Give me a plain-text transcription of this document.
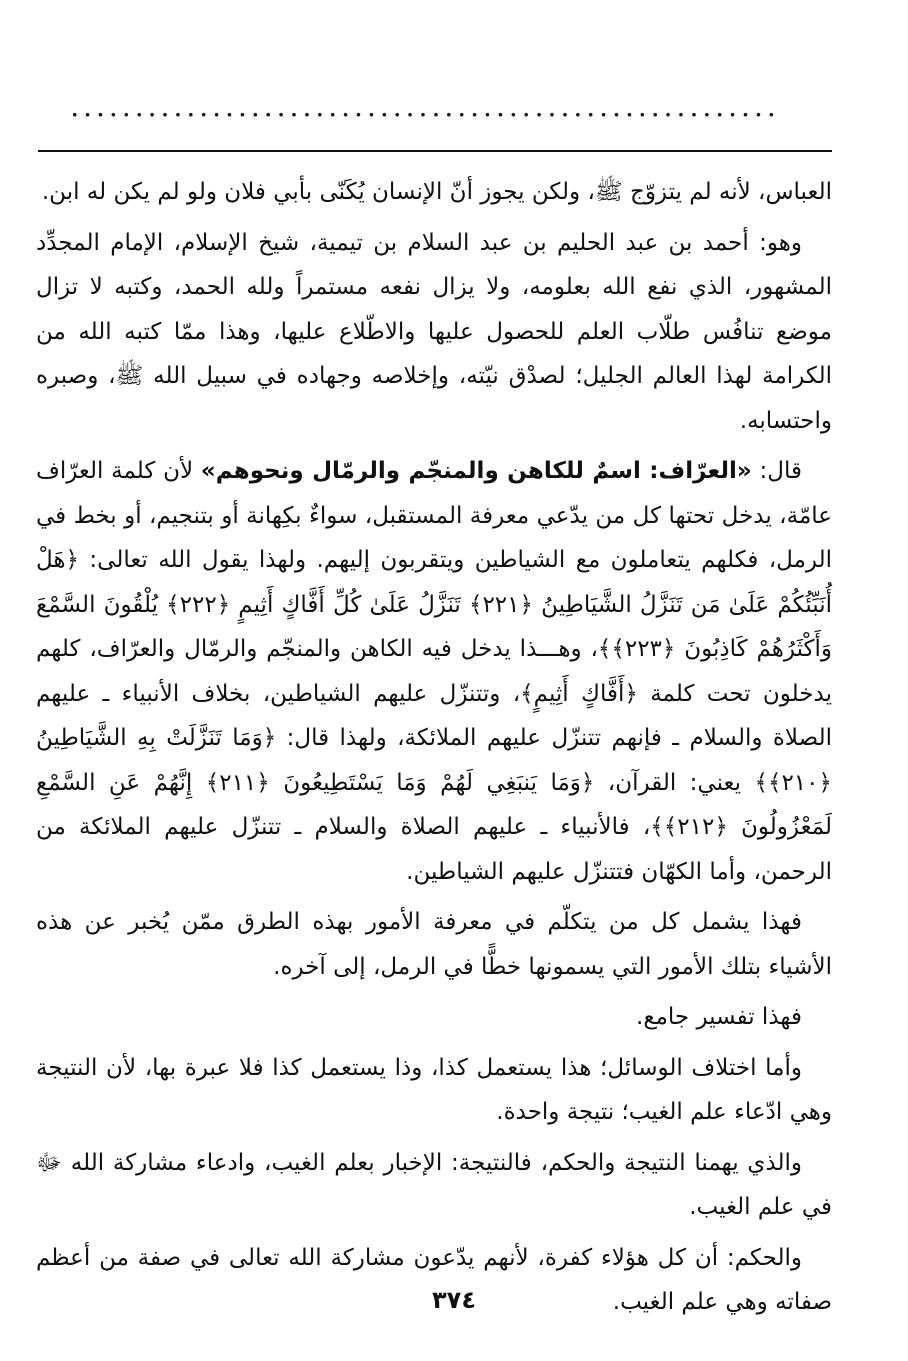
.......................................................

العباس، لأنه لم يتزوّج ﷺ، ولكن يجوز أنّ الإنسان يُكَنّى بأبي فلان ولو لم يكن له ابن.

وهو: أحمد بن عبد الحليم بن عبد السلام بن تيمية، شيخ الإسلام، الإمام المجدِّد المشهور، الذي نفع الله بعلومه، ولا يزال نفعه مستمراً ولله الحمد، وكتبه لا تزال موضع تنافُس طلّاب العلم للحصول عليها والاطّلاع عليها، وهذا ممّا كتبه الله من الكرامة لهذا العالم الجليل؛ لصدْق نيّته، وإخلاصه وجهاده في سبيل الله ﷺ، وصبره واحتسابه.

قال: «العرّاف: اسمٌ للكاهن والمنجّم والرمّال ونحوهم» لأن كلمة العرّاف عامّة، يدخل تحتها كل من يدّعي معرفة المستقبل، سواءٌ بكِهانة أو بتنجيم، أو بخط في الرمل، فكلهم يتعاملون مع الشياطين ويتقربون إليهم. ولهذا يقول الله تعالى: ﴿هَلْ أُنَبِّئُكُمْ عَلَىٰ مَن تَنَزَّلُ الشَّيَاطِينُ ﴿٢٢١﴾ تَنَزَّلُ عَلَىٰ كُلِّ أَفَّاكٍ أَثِيمٍ ﴿٢٢٢﴾ يُلْقُونَ السَّمْعَ وَأَكْثَرُهُمْ كَاذِبُونَ ﴿٢٢٣﴾﴾، وهـــذا يدخل فيه الكاهن والمنجّم والرمّال والعرّاف، كلهم يدخلون تحت كلمة ﴿أَفَّاكٍ أَثِيمٍ﴾، وتتنزّل عليهم الشياطين، بخلاف الأنبياء ـ عليهم الصلاة والسلام ـ فإنهم تتنزّل عليهم الملائكة، ولهذا قال: ﴿وَمَا تَنَزَّلَتْ بِهِ الشَّيَاطِينُ ﴿٢١٠﴾﴾ يعني: القرآن، ﴿وَمَا يَنبَغِي لَهُمْ وَمَا يَسْتَطِيعُونَ ﴿٢١١﴾ إِنَّهُمْ عَنِ السَّمْعِ لَمَعْزُولُونَ ﴿٢١٢﴾﴾، فالأنبياء ـ عليهم الصلاة والسلام ـ تتنزّل عليهم الملائكة من الرحمن، وأما الكهّان فتتنزّل عليهم الشياطين.

فهذا يشمل كل من يتكلّم في معرفة الأمور بهذه الطرق ممّن يُخبر عن هذه الأشياء بتلك الأمور التي يسمونها خطًّا في الرمل، إلى آخره.

فهذا تفسير جامع.

وأما اختلاف الوسائل؛ هذا يستعمل كذا، وذا يستعمل كذا فلا عبرة بها، لأن النتيجة وهي ادّعاء علم الغيب؛ نتيجة واحدة.

والذي يهمنا النتيجة والحكم، فالنتيجة: الإخبار بعلم الغيب، وادعاء مشاركة الله ﷻ في علم الغيب.

والحكم: أن كل هؤلاء كفرة، لأنهم يدّعون مشاركة الله تعالى في صفة من أعظم صفاته وهي علم الغيب.

٣٧٤
